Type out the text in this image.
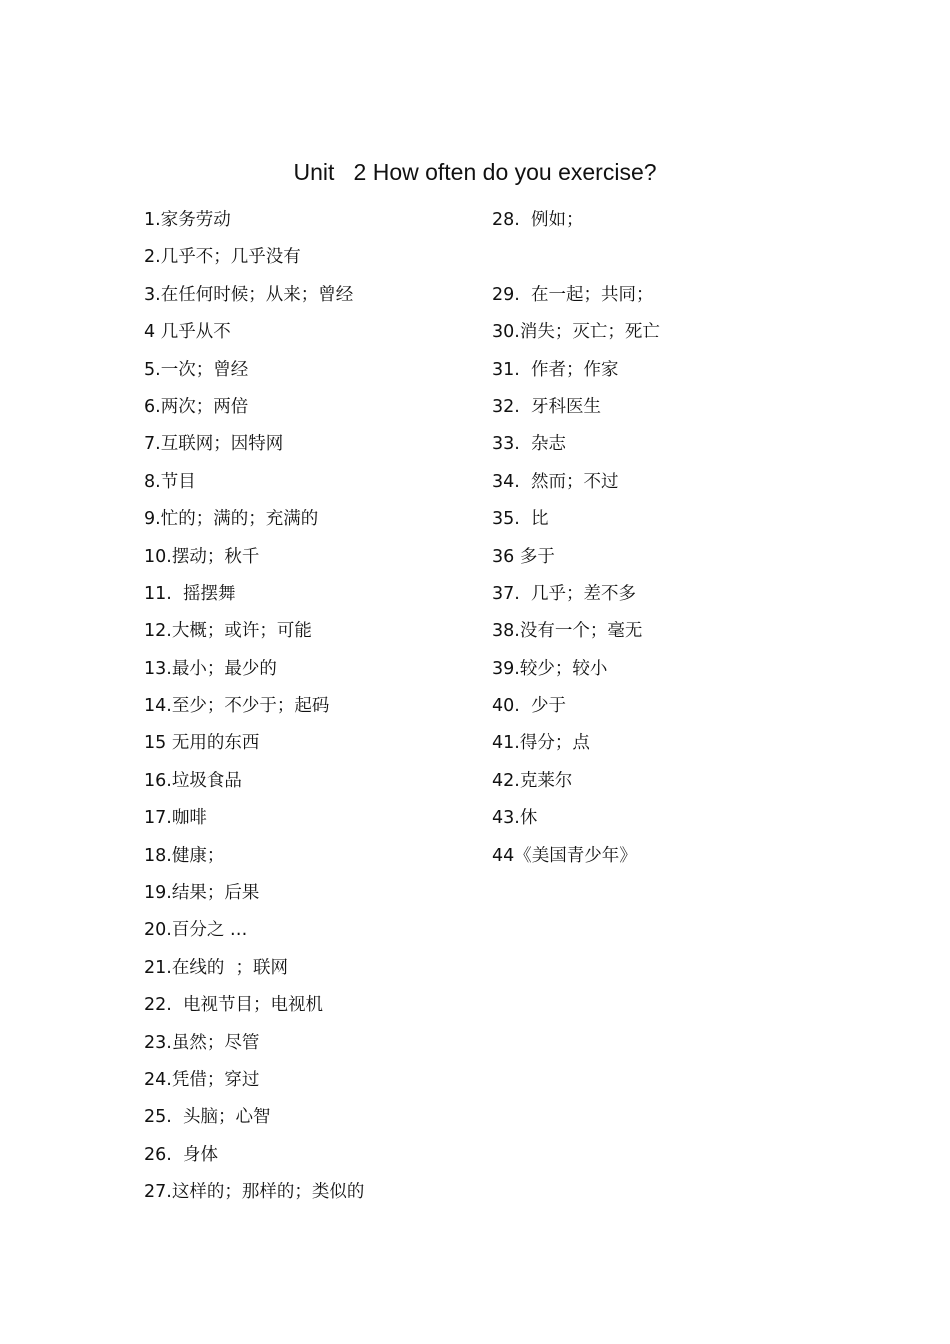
Unit   2 How often do you exercise?
1.家务劳动
2.几乎不；几乎没有
3.在任何时候；从来；曾经
4 几乎从不
5.一次；曾经
6.两次；两倍
7.互联网；因特网
8.节目
9.忙的；满的；充满的
10.摆动；秋千
11.  摇摆舞
12.大概；或许；可能
13.最小；最少的
14.至少；不少于；起码
15 无用的东西
16.垃圾食品
17.咖啡
18.健康；
19.结果；后果
20.百分之 …
21.在线的  ；联网
22.  电视节目；电视机
23.虽然；尽管
24.凭借；穿过
25.  头脑；心智
26.  身体
27.这样的；那样的；类似的
28.  例如；
29.  在一起；共同；
30.消失；灭亡；死亡
31.  作者；作家
32.  牙科医生
33.  杂志
34.  然而；不过
35.  比
36 多于
37.  几乎；差不多
38.没有一个；毫无
39.较少；较小
40.  少于
41.得分；点
42.克莱尔
43.休
44《美国青少年》
